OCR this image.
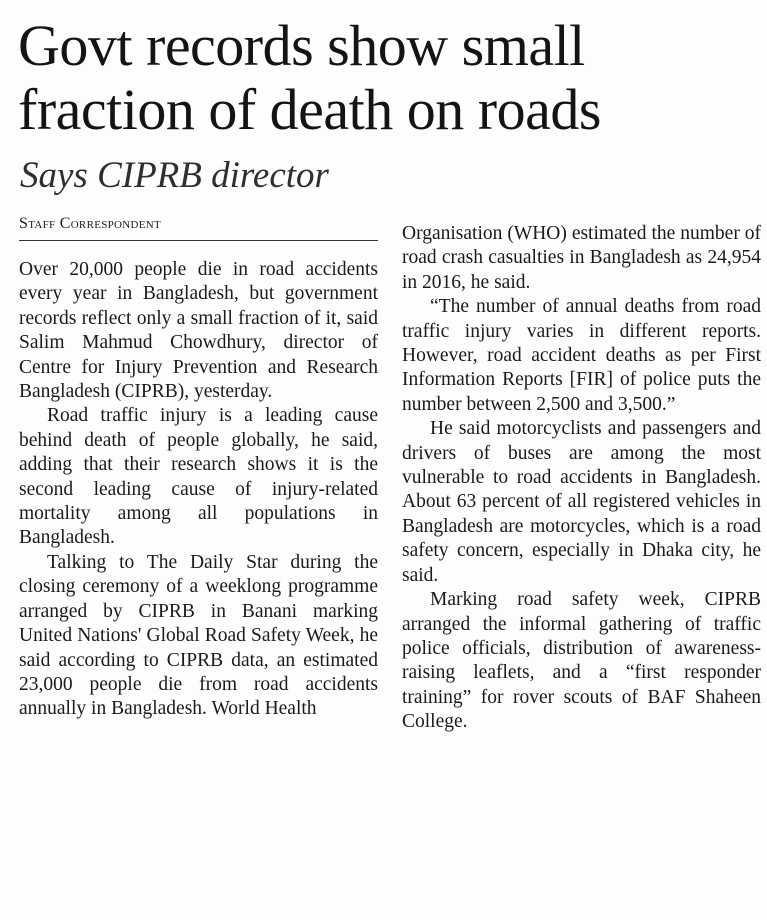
Govt records show small fraction of death on roads
Says CIPRB director
Staff Correspondent

Over 20,000 people die in road accidents every year in Bangladesh, but government records reflect only a small fraction of it, said Salim Mahmud Chowdhury, director of Centre for Injury Prevention and Research Bangladesh (CIPRB), yesterday.

Road traffic injury is a leading cause behind death of people globally, he said, adding that their research shows it is the second leading cause of injury-related mortality among all populations in Bangladesh.

Talking to The Daily Star during the closing ceremony of a weeklong programme arranged by CIPRB in Banani marking United Nations' Global Road Safety Week, he said according to CIPRB data, an estimated 23,000 people die from road accidents annually in Bangladesh. World Health

Organisation (WHO) estimated the number of road crash casualties in Bangladesh as 24,954 in 2016, he said.

“The number of annual deaths from road traffic injury varies in different reports. However, road accident deaths as per First Information Reports [FIR] of police puts the number between 2,500 and 3,500.”

He said motorcyclists and passengers and drivers of buses are among the most vulnerable to road accidents in Bangladesh. About 63 percent of all registered vehicles in Bangladesh are motorcycles, which is a road safety concern, especially in Dhaka city, he said.

Marking road safety week, CIPRB arranged the informal gathering of traffic police officials, distribution of awareness-raising leaflets, and a “first responder training” for rover scouts of BAF Shaheen College.
